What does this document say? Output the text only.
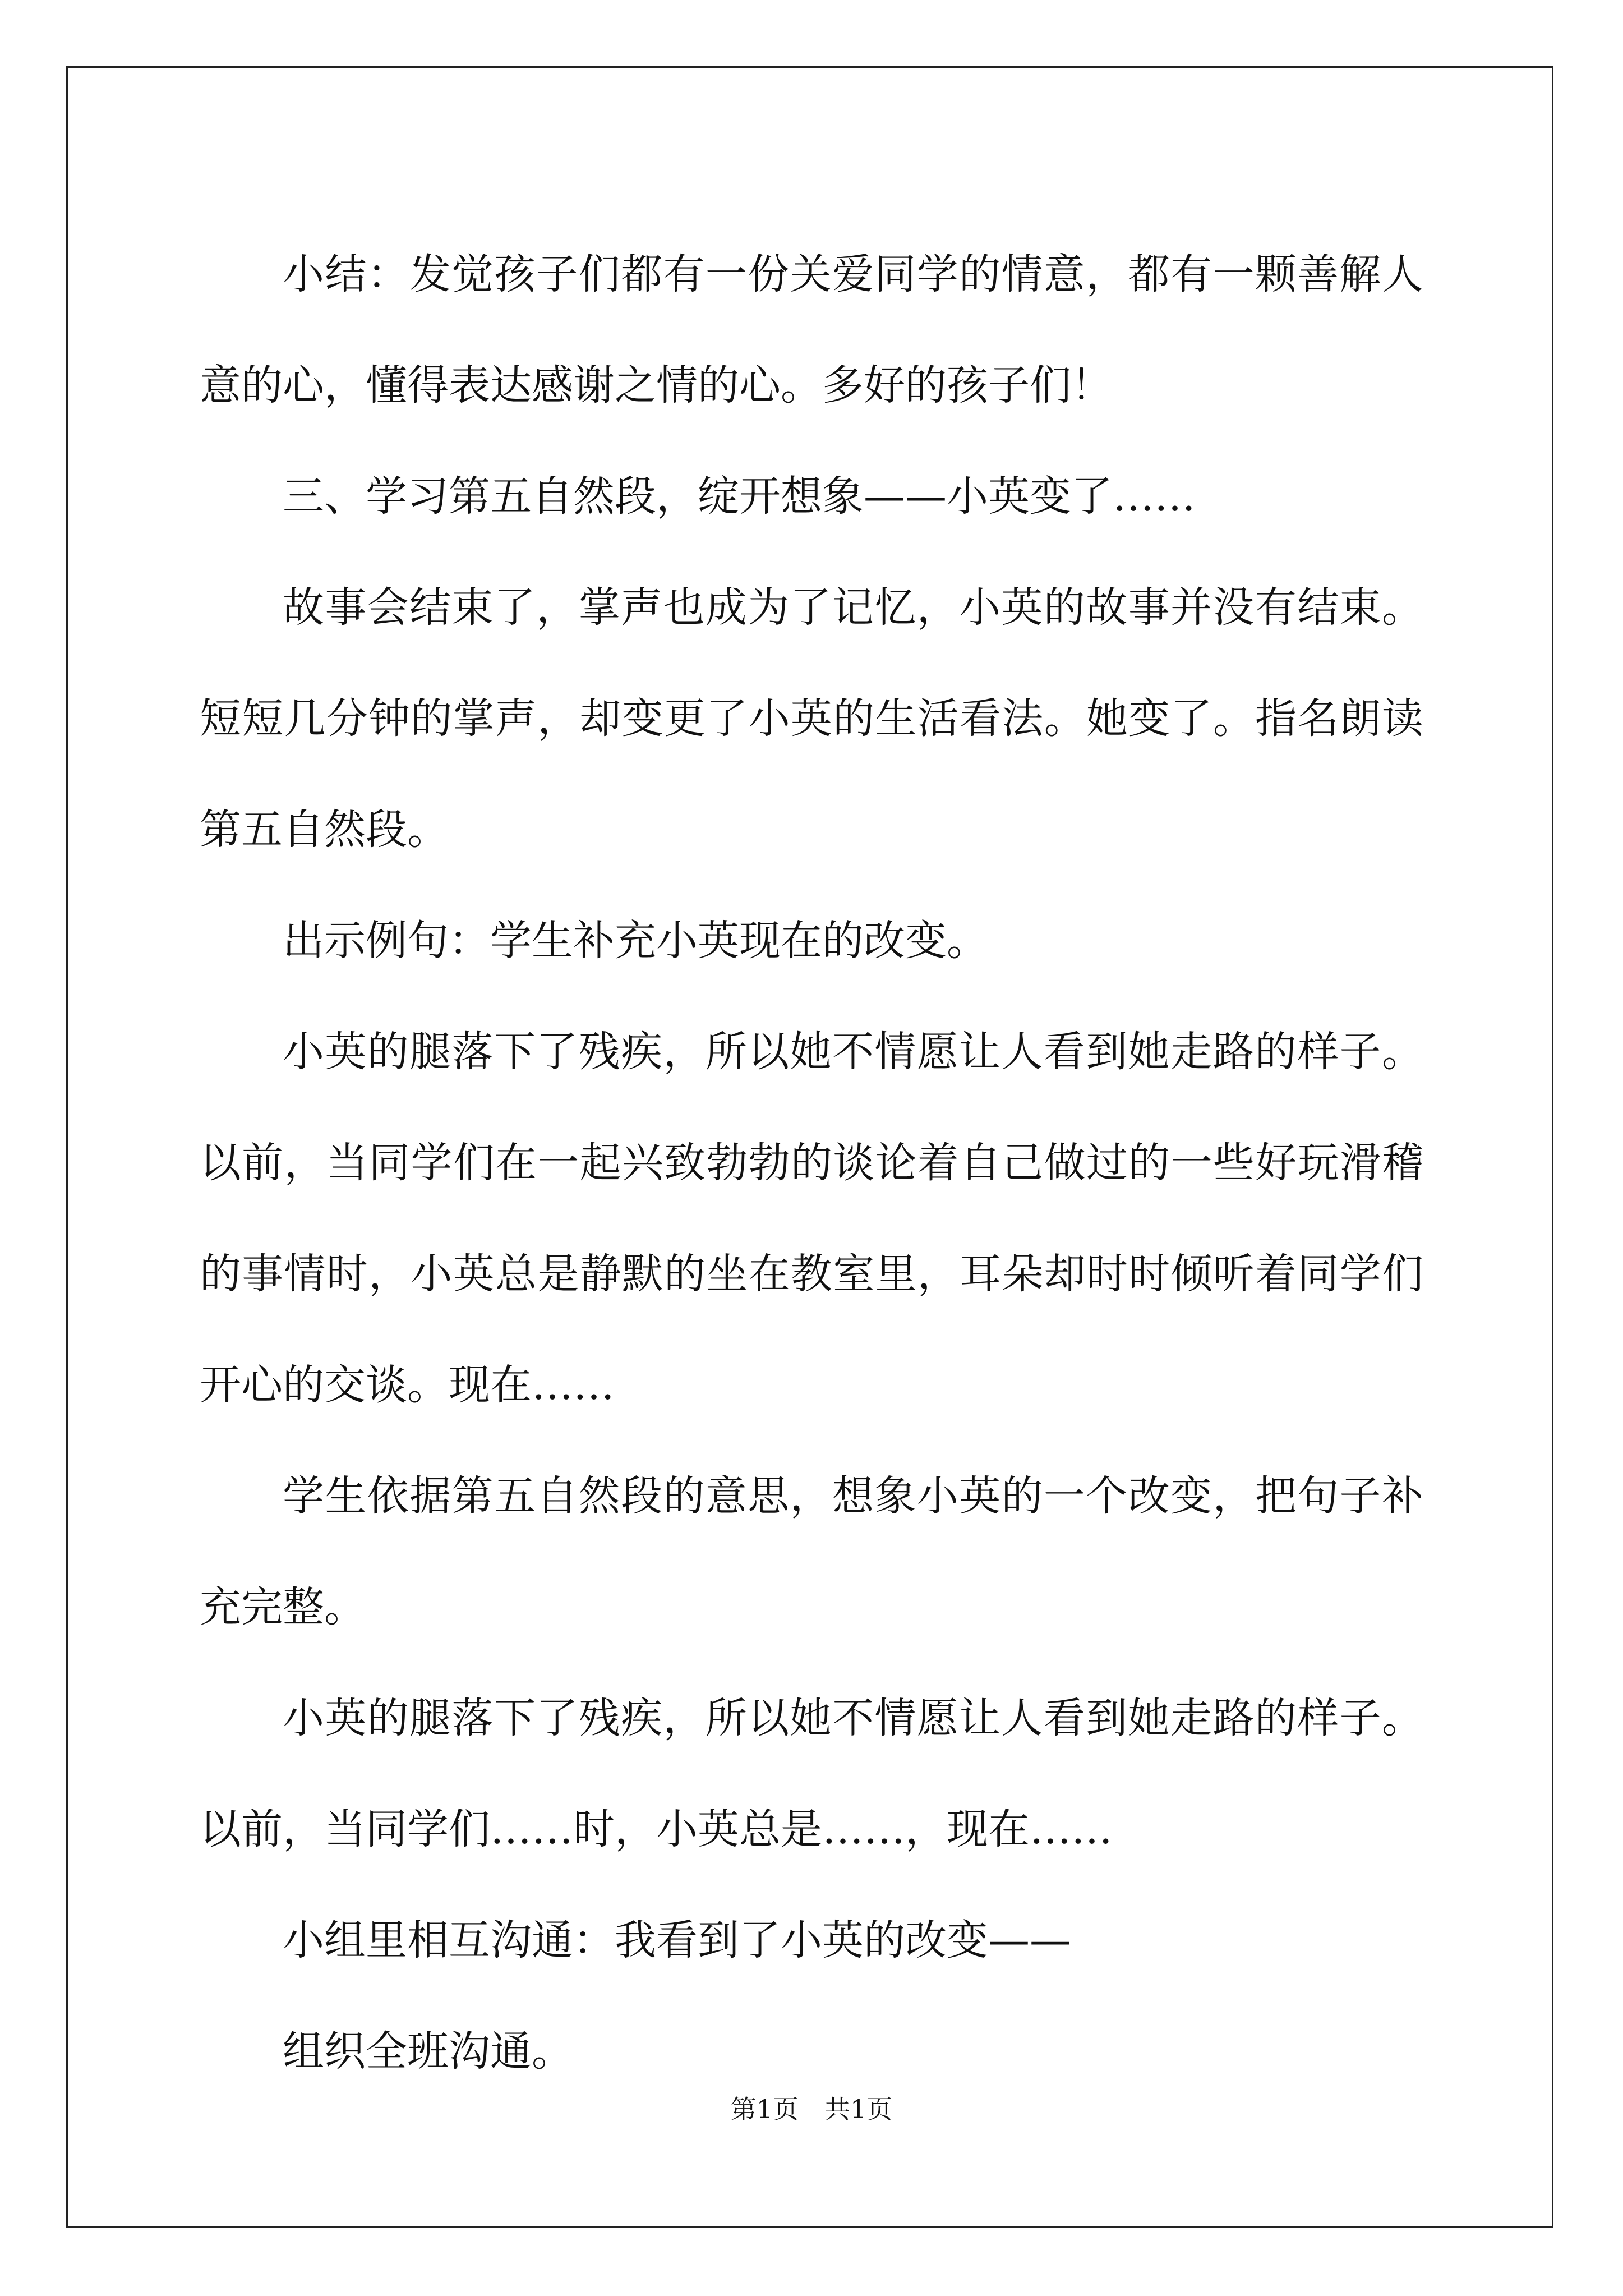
小结：发觉孩子们都有一份关爱同学的情意，都有一颗善解人意的心，懂得表达感谢之情的心。多好的孩子们！

三、学习第五自然段，绽开想象——小英变了……

故事会结束了，掌声也成为了记忆，小英的故事并没有结束。短短几分钟的掌声，却变更了小英的生活看法。她变了。指名朗读第五自然段。

出示例句：学生补充小英现在的改变。

小英的腿落下了残疾，所以她不情愿让人看到她走路的样子。以前，当同学们在一起兴致勃勃的谈论着自己做过的一些好玩滑稽的事情时，小英总是静默的坐在教室里，耳朵却时时倾听着同学们开心的交谈。现在……

学生依据第五自然段的意思，想象小英的一个改变，把句子补充完整。

小英的腿落下了残疾，所以她不情愿让人看到她走路的样子。以前，当同学们……时，小英总是……，现在……

小组里相互沟通：我看到了小英的改变——

组织全班沟通。

第1页　共1页
